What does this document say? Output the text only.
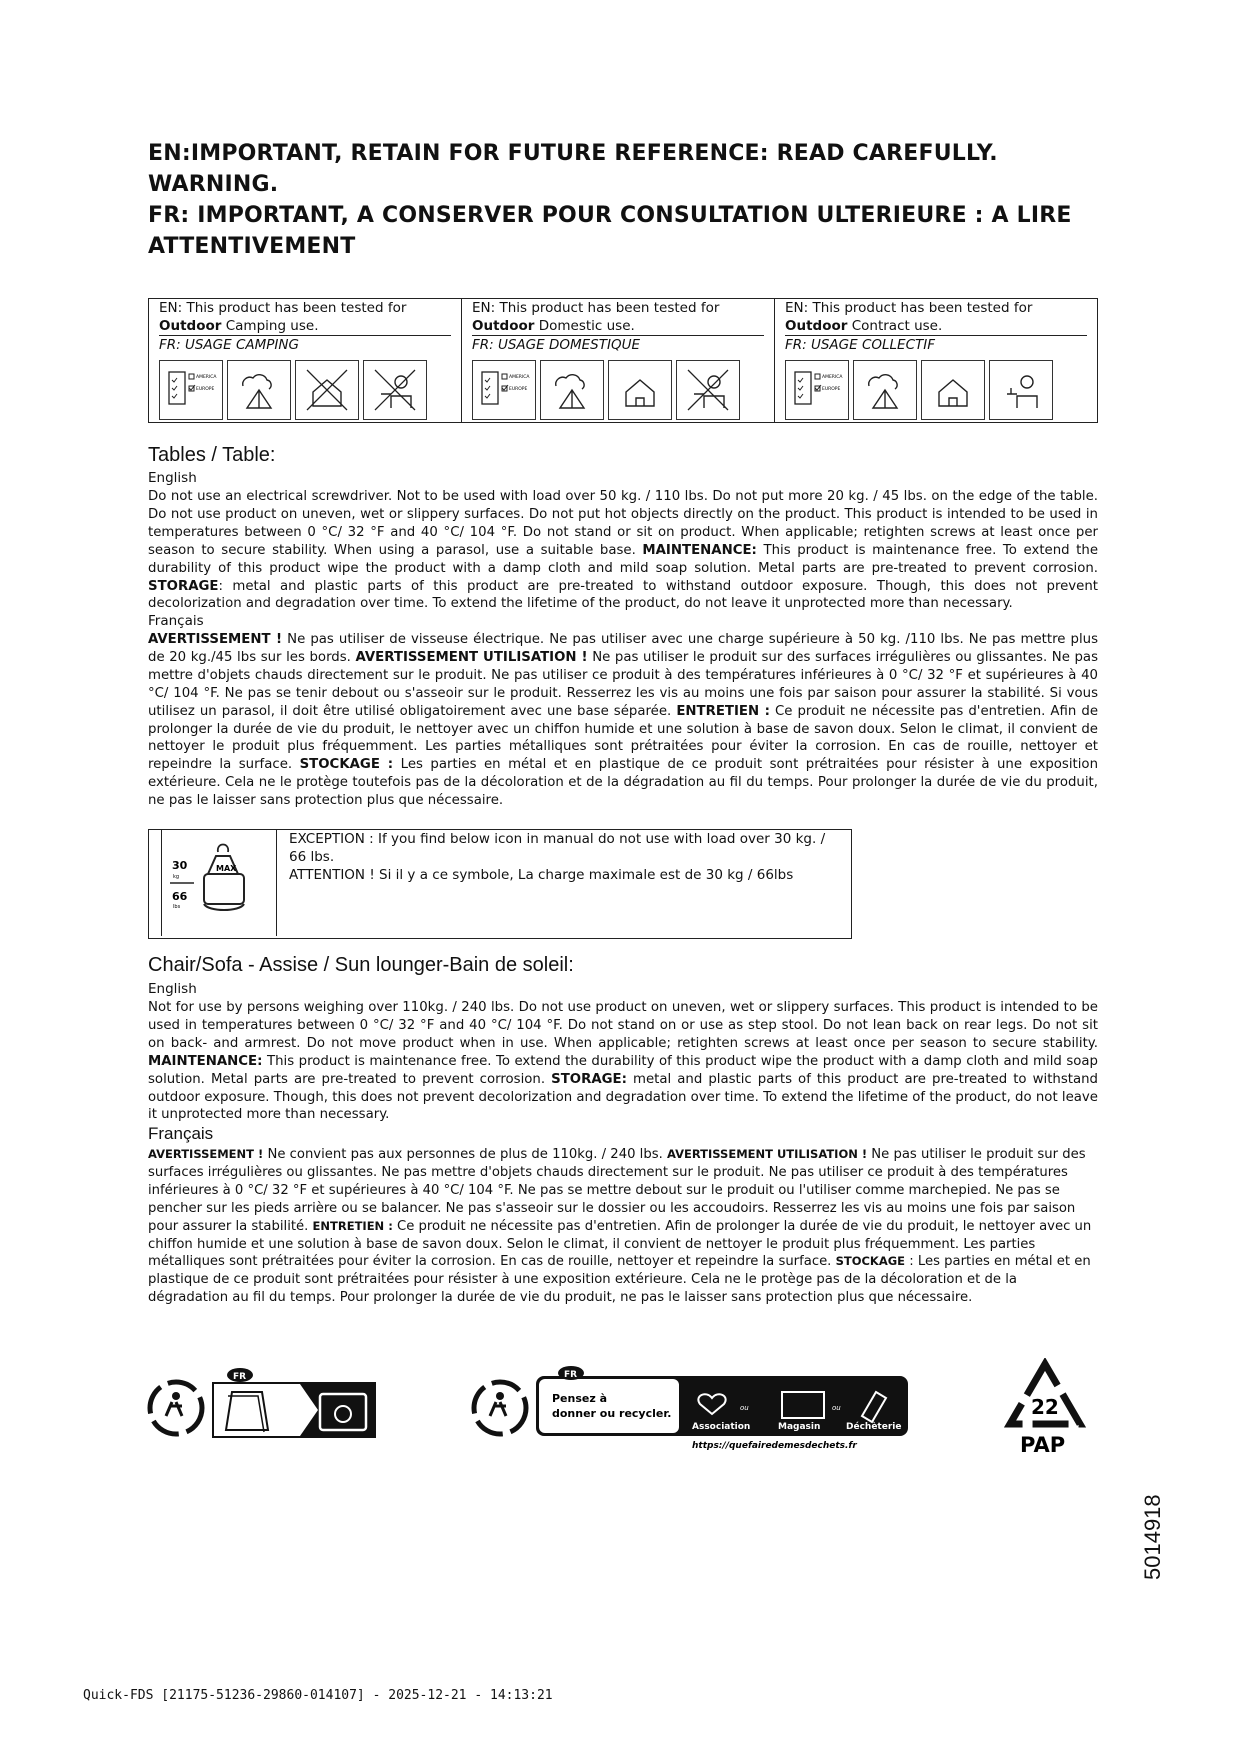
EN:IMPORTANT, RETAIN FOR FUTURE REFERENCE: READ CAREFULLY.
WARNING.
FR: IMPORTANT, A CONSERVER POUR CONSULTATION ULTERIEURE : A LIRE
ATTENTIVEMENT
EN: This product has been tested for
Outdoor Camping use.
FR: USAGE CAMPING
AMERICA
EUROPE

EN: This product has been tested for
Outdoor Domestic use.
FR: USAGE DOMESTIQUE
AMERICA
EUROPE

EN: This product has been tested for
Outdoor Contract use.
FR: USAGE COLLECTIF
AMERICA
EUROPE
Tables / Table:
English
Do not use an electrical screwdriver. Not to be used with load over 50 kg. / 110 lbs. Do not put more 20 kg. / 45 lbs. on the edge of the table. Do not use product on uneven, wet or slippery surfaces. Do not put hot objects directly on the product. This product is intended to be used in temperatures between 0 °C/ 32 °F and 40 °C/ 104 °F. Do not stand or sit on product. When applicable; retighten screws at least once per season to secure stability. When using a parasol, use a suitable base. MAINTENANCE: This product is maintenance free. To extend the durability of this product wipe the product with a damp cloth and mild soap solution. Metal parts are pre-treated to prevent corrosion. STORAGE: metal and plastic parts of this product are pre-treated to withstand outdoor exposure. Though, this does not prevent decolorization and degradation over time. To extend the lifetime of the product, do not leave it unprotected more than necessary.
Français
AVERTISSEMENT ! Ne pas utiliser de visseuse électrique. Ne pas utiliser avec une charge supérieure à 50 kg. /110 lbs. Ne pas mettre plus de 20 kg./45 lbs sur les bords. AVERTISSEMENT UTILISATION ! Ne pas utiliser le produit sur des surfaces irrégulières ou glissantes. Ne pas mettre d'objets chauds directement sur le produit. Ne pas utiliser ce produit à des températures inférieures à 0 °C/ 32 °F et supérieures à 40 °C/ 104 °F. Ne pas se tenir debout ou s'asseoir sur le produit. Resserrez les vis au moins une fois par saison pour assurer la stabilité. Si vous utilisez un parasol, il doit être utilisé obligatoirement avec une base séparée. ENTRETIEN : Ce produit ne nécessite pas d'entretien. Afin de prolonger la durée de vie du produit, le nettoyer avec un chiffon humide et une solution à base de savon doux. Selon le climat, il convient de nettoyer le produit plus fréquemment. Les parties métalliques sont prétraitées pour éviter la corrosion. En cas de rouille, nettoyer et repeindre la surface. STOCKAGE : Les parties en métal et en plastique de ce produit sont prétraitées pour résister à une exposition extérieure. Cela ne le protège toutefois pas de la décoloration et de la dégradation au fil du temps. Pour prolonger la durée de vie du produit, ne pas le laisser sans protection plus que nécessaire.
30
kg
66
lbs
MAX
EXCEPTION : If you find below icon in manual do not use with load over 30 kg. /
66 lbs.
ATTENTION ! Si il y a ce symbole, La charge maximale est de 30 kg / 66lbs
Chair/Sofa - Assise / Sun lounger-Bain de soleil:
English
Not for use by persons weighing over 110kg. / 240 lbs. Do not use product on uneven, wet or slippery surfaces. This product is intended to be used in temperatures between 0 °C/ 32 °F and 40 °C/ 104 °F. Do not stand on or use as step stool. Do not lean back on rear legs. Do not sit on back- and armrest. Do not move product when in use. When applicable; retighten screws at least once per season to secure stability. MAINTENANCE: This product is maintenance free. To extend the durability of this product wipe the product with a damp cloth and mild soap solution. Metal parts are pre-treated to prevent corrosion. STORAGE: metal and plastic parts of this product are pre-treated to withstand outdoor exposure. Though, this does not prevent decolorization and degradation over time. To extend the lifetime of the product, do not leave it unprotected more than necessary.
Français
AVERTISSEMENT ! Ne convient pas aux personnes de plus de 110kg. / 240 lbs. AVERTISSEMENT UTILISATION ! Ne pas utiliser le produit sur des surfaces irrégulières ou glissantes. Ne pas mettre d'objets chauds directement sur le produit. Ne pas utiliser ce produit à des températures inférieures à 0 °C/ 32 °F et supérieures à 40 °C/ 104 °F. Ne pas se mettre debout sur le produit ou l'utiliser comme marchepied. Ne pas se pencher sur les pieds arrière ou se balancer. Ne pas s'asseoir sur le dossier ou les accoudoirs. Resserrez les vis au moins une fois par saison pour assurer la stabilité. ENTRETIEN : Ce produit ne nécessite pas d'entretien. Afin de prolonger la durée de vie du produit, le nettoyer avec un chiffon humide et une solution à base de savon doux. Selon le climat, il convient de nettoyer le produit plus fréquemment. Les parties métalliques sont prétraitées pour éviter la corrosion. En cas de rouille, nettoyer et repeindre la surface. STOCKAGE : Les parties en métal et en plastique de ce produit sont prétraitées pour résister à une exposition extérieure. Cela ne le protège pas de la décoloration et de la dégradation au fil du temps. Pour prolonger la durée de vie du produit, ne pas le laisser sans protection plus que nécessaire.
FR
Pensez à
donner ou recycler.	ou	ou
Association	Magasin	Déchèterie
FR
https://quefairedemesdechets.fr
22
PAP
Quick-FDS [21175-51236-29860-014107] - 2025-12-21 - 14:13:21
5014918
